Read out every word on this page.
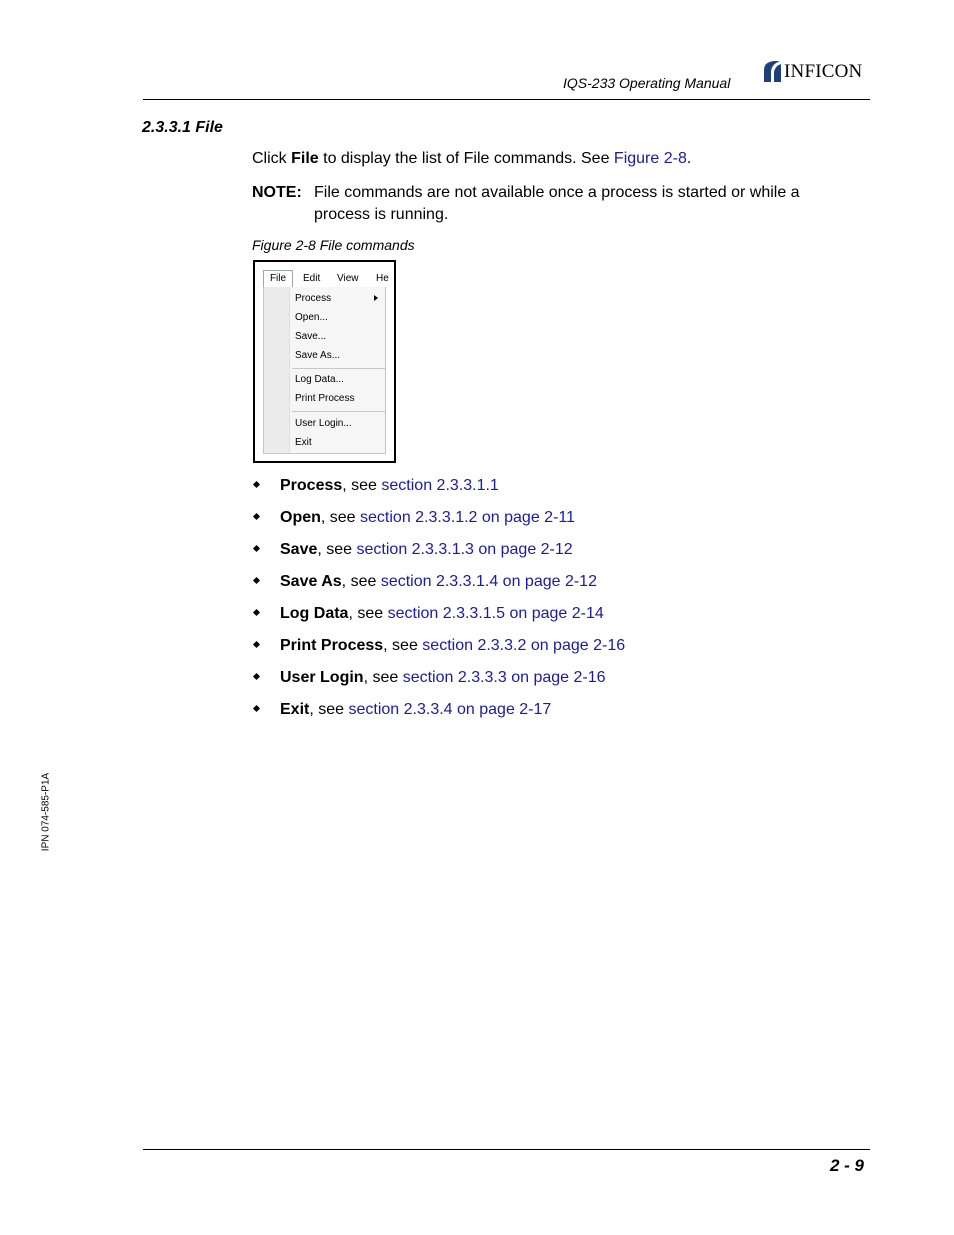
IQS-233 Operating Manual
INFICON
2.3.3.1 File
Click File to display the list of File commands. See Figure 2-8.
NOTE: File commands are not available once a process is started or while a process is running.
Figure 2-8 File commands
File	Edit View He
Process
Open...
Save...
Save As...
Log Data...
Print Process
User Login...
Exit
Process, see section 2.3.3.1.1
Open, see section 2.3.3.1.2 on page 2-11
Save, see section 2.3.3.1.3 on page 2-12
Save As, see section 2.3.3.1.4 on page 2-12
Log Data, see section 2.3.3.1.5 on page 2-14
Print Process, see section 2.3.3.2 on page 2-16
User Login, see section 2.3.3.3 on page 2-16
Exit, see section 2.3.3.4 on page 2-17
IPN 074-585-P1A
2 - 9
